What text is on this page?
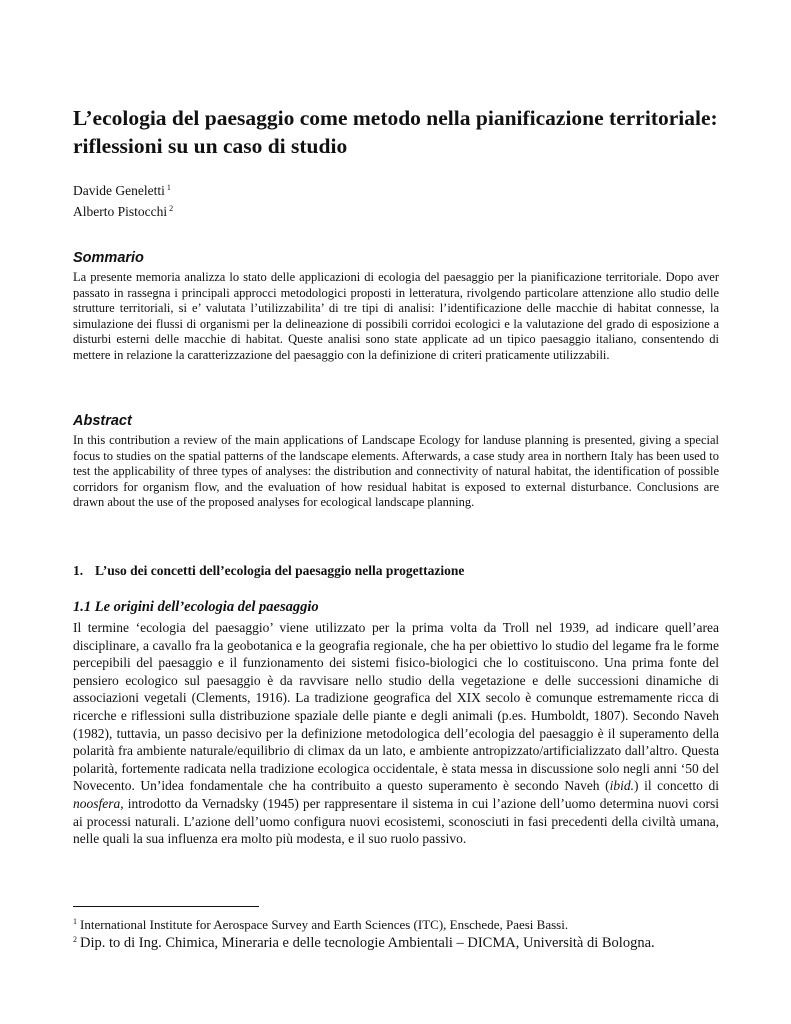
L’ecologia del paesaggio come metodo nella pianificazione territoriale: riflessioni su un caso di studio
Davide Geneletti $^1$
Alberto Pistocchi $^2$
Sommario

La presente memoria analizza lo stato delle applicazioni di ecologia del paesaggio per la pianificazione territoriale. Dopo aver passato in rassegna i principali approcci metodologici proposti in letteratura, rivolgendo particolare attenzione allo studio delle strutture territoriali, si e’ valutata l’utilizzabilita’ di tre tipi di analisi: l’identificazione delle macchie di habitat connesse, la simulazione dei flussi di organismi per la delineazione di possibili corridoi ecologici e la valutazione del grado di esposizione a disturbi esterni delle macchie di habitat. Queste analisi sono state applicate ad un tipico paesaggio italiano, consentendo di mettere in relazione la caratterizzazione del paesaggio con la definizione di criteri praticamente utilizzabili.

Abstract

In this contribution a review of the main applications of Landscape Ecology for landuse planning is presented, giving a special focus to studies on the spatial patterns of the landscape elements. Afterwards, a case study area in northern Italy has been used to test the applicability of three types of analyses: the distribution and connectivity of natural habitat, the identification of possible corridors for organism flow, and the evaluation of how residual habitat is exposed to external disturbance. Conclusions are drawn about the use of the proposed analyses for ecological landscape planning.

1. L’uso dei concetti dell’ecologia del paesaggio nella progettazione
1.1 Le origini dell’ecologia del paesaggio

Il termine ‘ecologia del paesaggio’ viene utilizzato per la prima volta da Troll nel 1939, ad indicare quell’area disciplinare, a cavallo fra la geobotanica e la geografia regionale, che ha per obiettivo lo studio del legame fra le forme percepibili del paesaggio e il funzionamento dei sistemi fisico-biologici che lo costituiscono. Una prima fonte del pensiero ecologico sul paesaggio è da ravvisare nello studio della vegetazione e delle successioni dinamiche di associazioni vegetali (Clements, 1916). La tradizione geografica del XIX secolo è comunque estremamente ricca di ricerche e riflessioni sulla distribuzione spaziale delle piante e degli animali (p.es. Humboldt, 1807). Secondo Naveh (1982), tuttavia, un passo decisivo per la definizione metodologica dell’ecologia del paesaggio è il superamento della polarità fra ambiente naturale/equilibrio di climax da un lato, e ambiente antropizzato/artificializzato dall’altro. Questa polarità, fortemente radicata nella tradizione ecologica occidentale, è stata messa in discussione solo negli anni ‘50 del Novecento. Un’idea fondamentale che ha contribuito a questo superamento è secondo Naveh (ibid.) il concetto di noosfera, introdotto da Vernadsky (1945) per rappresentare il sistema in cui l’azione dell’uomo determina nuovi corsi ai processi naturali. L’azione dell’uomo configura nuovi ecosistemi, sconosciuti in fasi precedenti della civiltà umana, nelle quali la sua influenza era molto più modesta, e il suo ruolo passivo.

$^1$ International Institute for Aerospace Survey and Earth Sciences (ITC), Enschede, Paesi Bassi.
$^2$ Dip. to di Ing. Chimica, Mineraria e delle tecnologie Ambientali – DICMA, Università di Bologna.
